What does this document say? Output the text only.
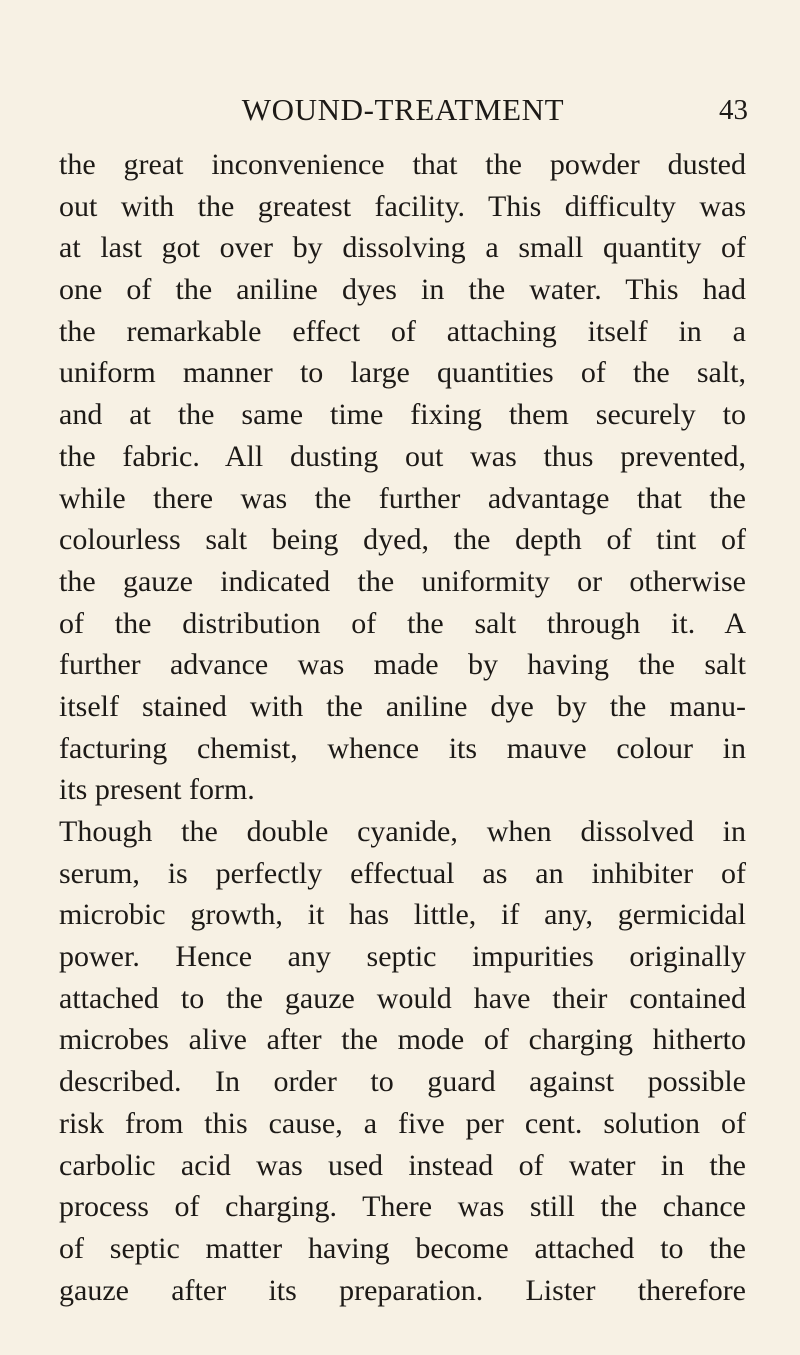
WOUND-TREATMENT	43
the great inconvenience that the powder dusted
out with the greatest facility. This difficulty was
at last got over by dissolving a small quantity of
one of the aniline dyes in the water. This had
the remarkable effect of attaching itself in a
uniform manner to large quantities of the salt,
and at the same time fixing them securely to
the fabric. All dusting out was thus prevented,
while there was the further advantage that the
colourless salt being dyed, the depth of tint of
the gauze indicated the uniformity or otherwise
of the distribution of the salt through it. A
further advance was made by having the salt
itself stained with the aniline dye by the manu-
facturing chemist, whence its mauve colour in
its present form.
Though the double cyanide, when dissolved in
serum, is perfectly effectual as an inhibiter of
microbic growth, it has little, if any, germicidal
power. Hence any septic impurities originally
attached to the gauze would have their contained
microbes alive after the mode of charging hitherto
described. In order to guard against possible
risk from this cause, a five per cent. solution of
carbolic acid was used instead of water in the
process of charging. There was still the chance
of septic matter having become attached to the
gauze after its preparation. Lister therefore
